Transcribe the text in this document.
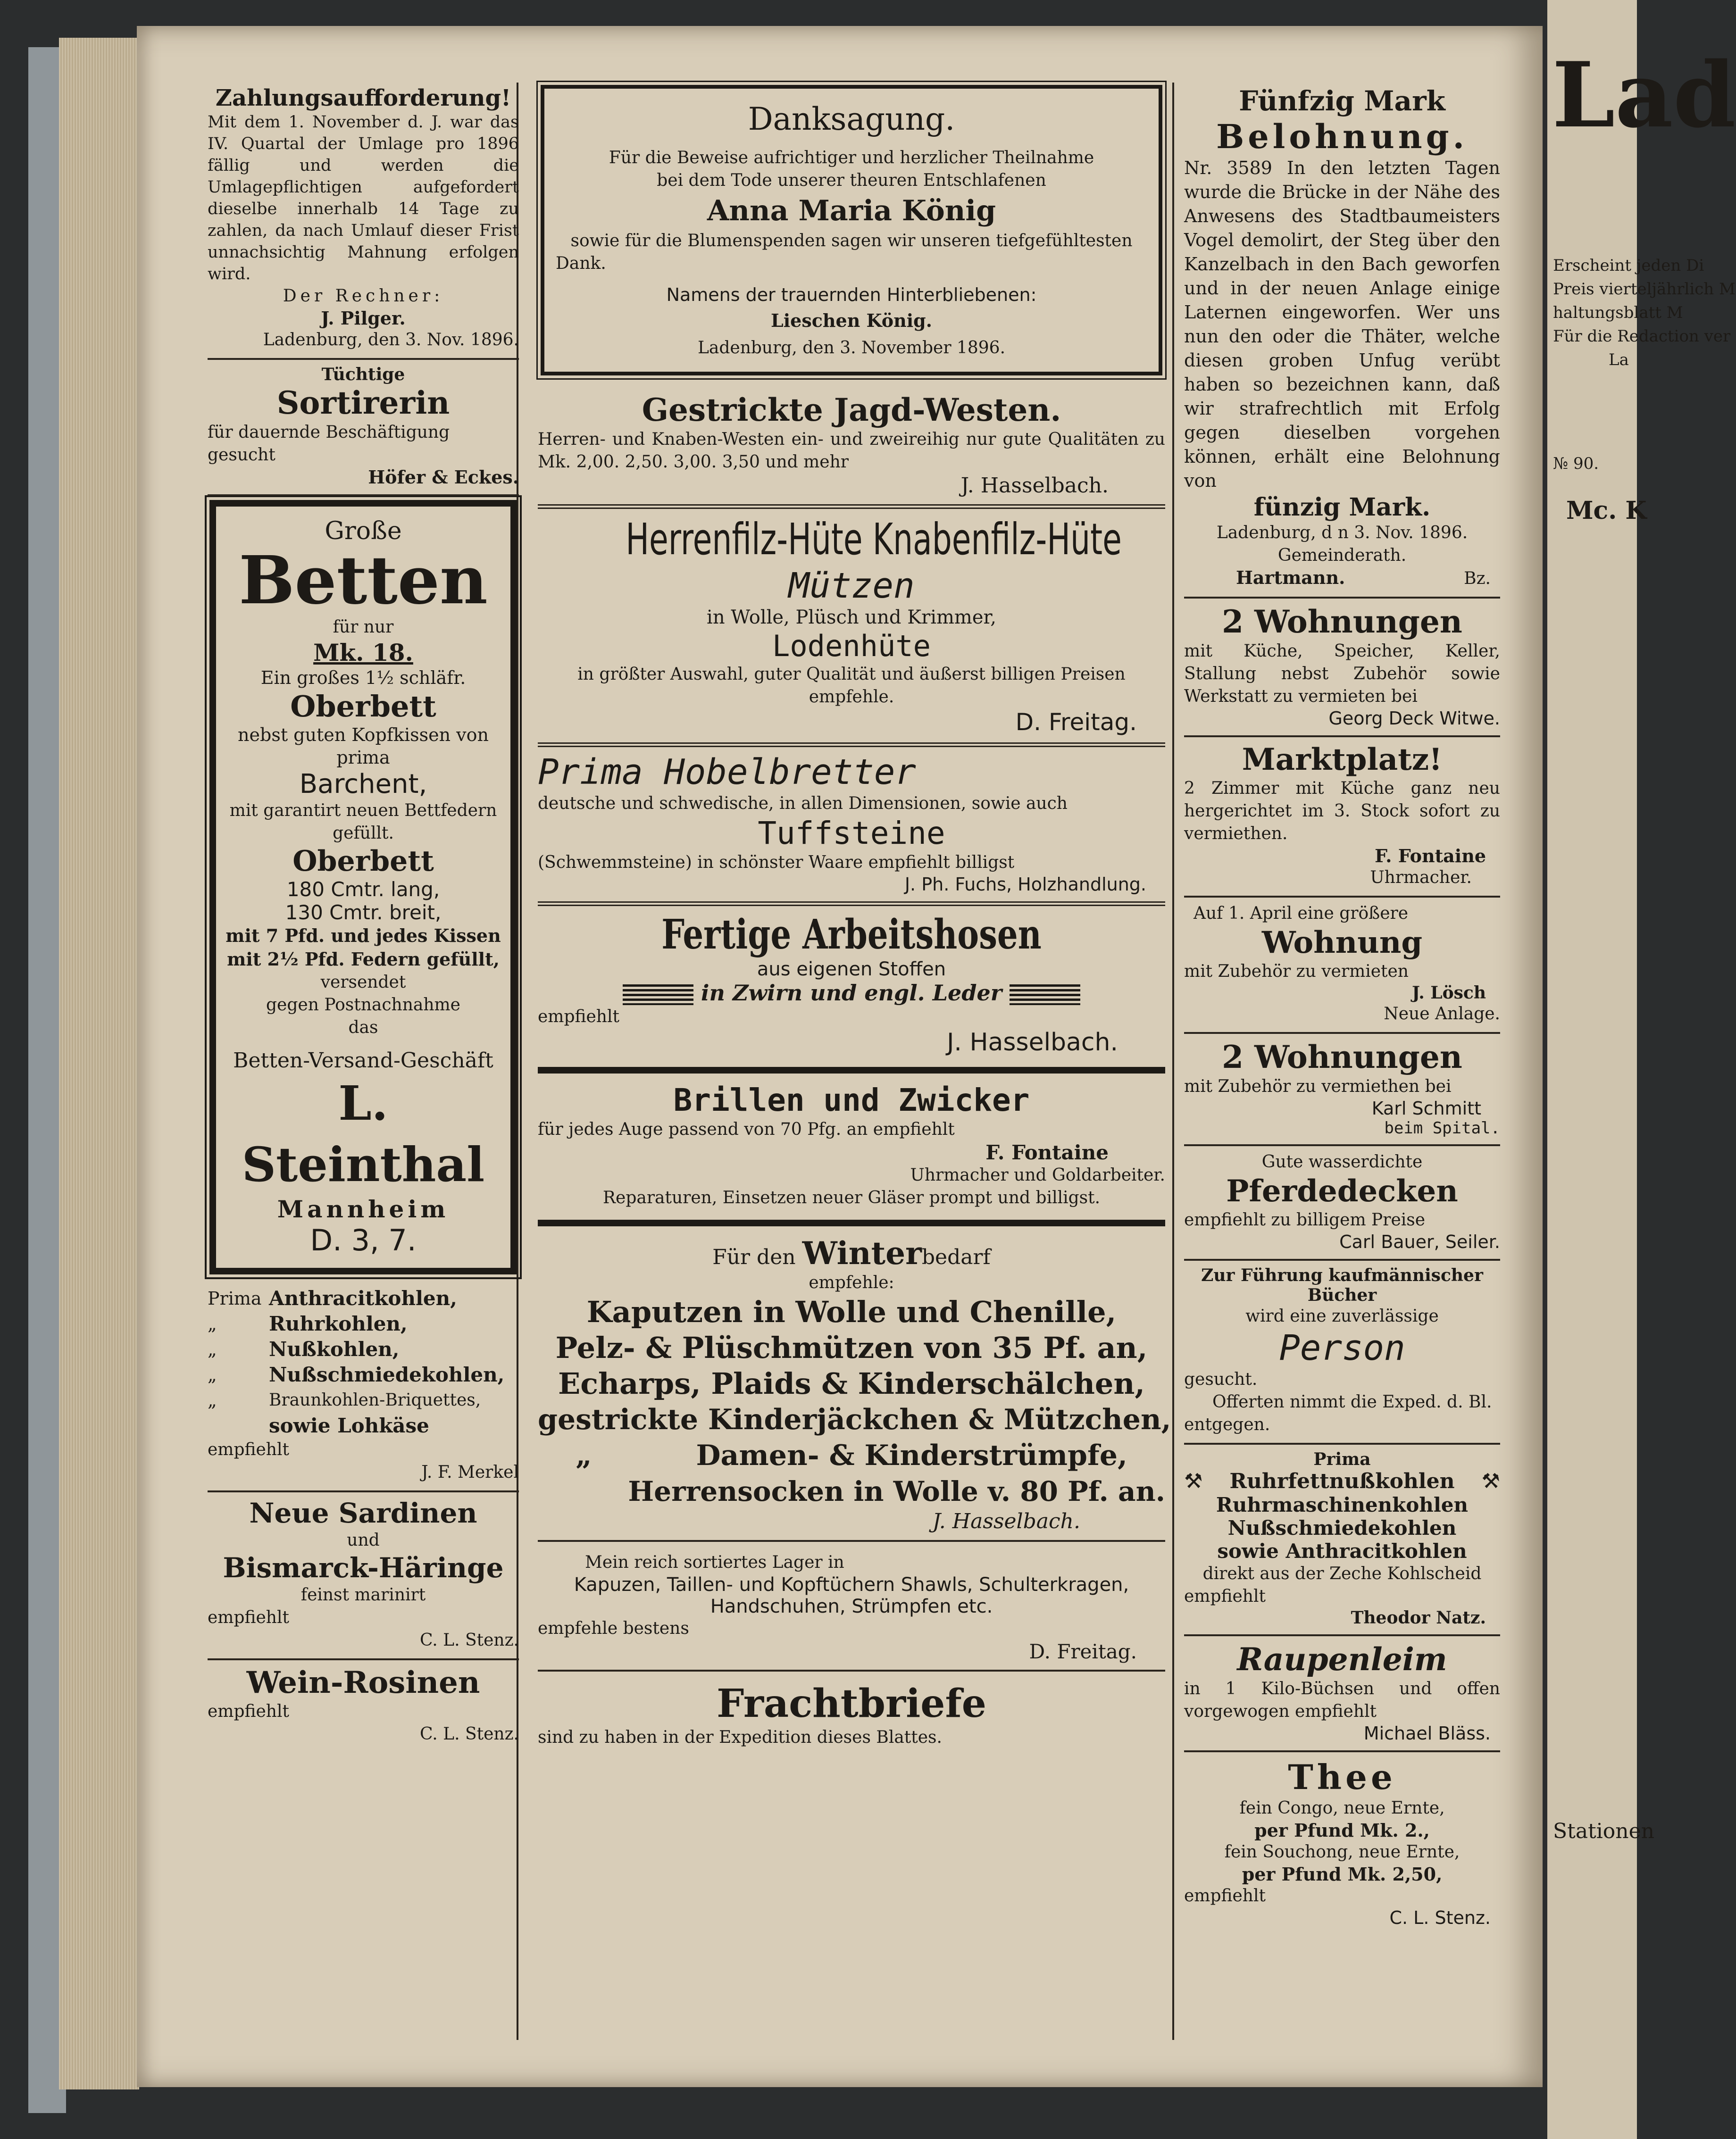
Zahlungsaufforderung!
Mit dem 1. November d. J. war das IV. Quartal der Umlage pro 1896 fällig und werden die Umlagepflichtigen aufgefordert dieselbe innerhalb 14 Tage zu zahlen, da nach Umlauf dieser Frist unnachsichtig Mahnung erfolgen wird.
Der Rechner:
J. Pilger.
Ladenburg, den 3. Nov. 1896.
Tüchtige
Sortirerin
für dauernde Beschäftigung gesucht
Höfer & Eckes.
Große
Betten
für nur
Mk. 18.
Ein großes 1½ schläfr.
Oberbett
nebst guten Kopfkissen von
prima
Barchent,
mit garantirt neuen Bettfedern gefüllt.
Oberbett
180 Cmtr. lang,
130 Cmtr. breit,
mit 7 Pfd. und jedes Kissen mit 2½ Pfd. Federn gefüllt,
versendet
gegen Postnachnahme
das
Betten-Versand-Geschäft
L. Steinthal
Mannheim
D. 3, 7.
Prima
„
„
„
„
Anthracitkohlen,
Ruhrkohlen,
Nußkohlen,
Nußschmiedekohlen,
Braunkohlen-Briquettes,
sowie Lohkäse
empfiehlt
J. F. Merkel
Neue Sardinen
und
Bismarck-Häringe
feinst marinirt
empfiehlt
C. L. Stenz.
Wein-Rosinen
empfiehlt
C. L. Stenz.
Danksagung.
Für die Beweise aufrichtiger und herzlicher Theilnahme
bei dem Tode unserer theuren Entschlafenen
Anna Maria König
sowie für die Blumenspenden sagen wir unseren tiefgefühltesten
Dank.
Namens der trauernden Hinterbliebenen:
Lieschen König.
Ladenburg, den 3. November 1896.
Gestrickte Jagd-Westen.
Herren- und Knaben-Westen ein- und zweireihig nur gute Qualitäten zu Mk. 2,00. 2,50. 3,00. 3,50 und mehr
J. Hasselbach.
Herrenfilz-Hüte Knabenfilz-Hüte
Mützen
in Wolle, Plüsch und Krimmer,
Lodenhüte
in größter Auswahl, guter Qualität und äußerst billigen Preisen empfehle.
D. Freitag.
Prima Hobelbretter
deutsche und schwedische, in allen Dimensionen, sowie auch
Tuffsteine
(Schwemmsteine) in schönster Waare empfiehlt billigst
J. Ph. Fuchs, Holzhandlung.
Fertige Arbeitshosen
aus eigenen Stoffen
in Zwirn und engl. Leder
empfiehlt
J. Hasselbach.
Brillen und Zwicker
für jedes Auge passend von 70 Pfg. an empfiehlt
F. Fontaine
Uhrmacher und Goldarbeiter.
Reparaturen, Einsetzen neuer Gläser prompt und billigst.
Für den Winterbedarf
empfehle:
Kaputzen in Wolle und Chenille,
Pelz- & Plüschmützen von 35 Pf. an,
Echarps, Plaids & Kinderschälchen,
gestrickte Kinderjäckchen & Mützchen,
„	Damen- & Kinderstrümpfe,
Herrensocken in Wolle v. 80 Pf. an.
J. Hasselbach.
Mein reich sortiertes Lager in
Kapuzen, Taillen- und Kopftüchern Shawls, Schulterkragen,
Handschuhen, Strümpfen etc.
empfehle bestens
D. Freitag.
Frachtbriefe
sind zu haben in der Expedition dieses Blattes.
Fünfzig Mark
Belohnung.
Nr. 3589 In den letzten Tagen wurde die Brücke in der Nähe des Anwesens des Stadtbaumeisters Vogel demolirt, der Steg über den Kanzelbach in den Bach geworfen und in der neuen Anlage einige Laternen eingeworfen. Wer uns nun den oder die Thäter, welche diesen groben Unfug verübt haben so bezeichnen kann, daß wir strafrechtlich mit Erfolg gegen dieselben vorgehen können, erhält eine Belohnung von
fünzig Mark.
Ladenburg, d n 3. Nov. 1896.
Gemeinderath.
Hartmann.	Bz.
2 Wohnungen
mit Küche, Speicher, Keller, Stallung nebst Zubehör sowie Werkstatt zu vermieten bei
Georg Deck Witwe.
Marktplatz!
2 Zimmer mit Küche ganz neu hergerichtet im 3. Stock sofort zu vermiethen.
F. Fontaine
Uhrmacher.
Auf 1. April eine größere
Wohnung
mit Zubehör zu vermieten
J. Lösch
Neue Anlage.
2 Wohnungen
mit Zubehör zu vermiethen bei
Karl Schmitt
beim Spital.
Gute wasserdichte
Pferdedecken
empfiehlt zu billigem Preise
Carl Bauer, Seiler.
Zur Führung kaufmännischer Bücher
wird eine zuverlässige
Person
gesucht.
Offerten nimmt die Exped. d. Bl.
entgegen.
Prima
⚒ Ruhrfettnußkohlen ⚒
Ruhrmaschinenkohlen
Nußschmiedekohlen
sowie Anthracitkohlen
direkt aus der Zeche Kohlscheid
empfiehlt
Theodor Natz.
Raupenleim
in 1 Kilo-Büchsen und offen vorgewogen empfiehlt
Michael Bläss.
Thee
fein Congo, neue Ernte,
per Pfund Mk. 2.,
fein Souchong, neue Ernte,
per Pfund Mk. 2,50,
empfiehlt
C. L. Stenz.
Lad
Erscheint jeden Di
Preis vierteljährlich M
haltungsblatt M
Für die Redaction ver
La
№ 90.
Mc. K
Stationen
